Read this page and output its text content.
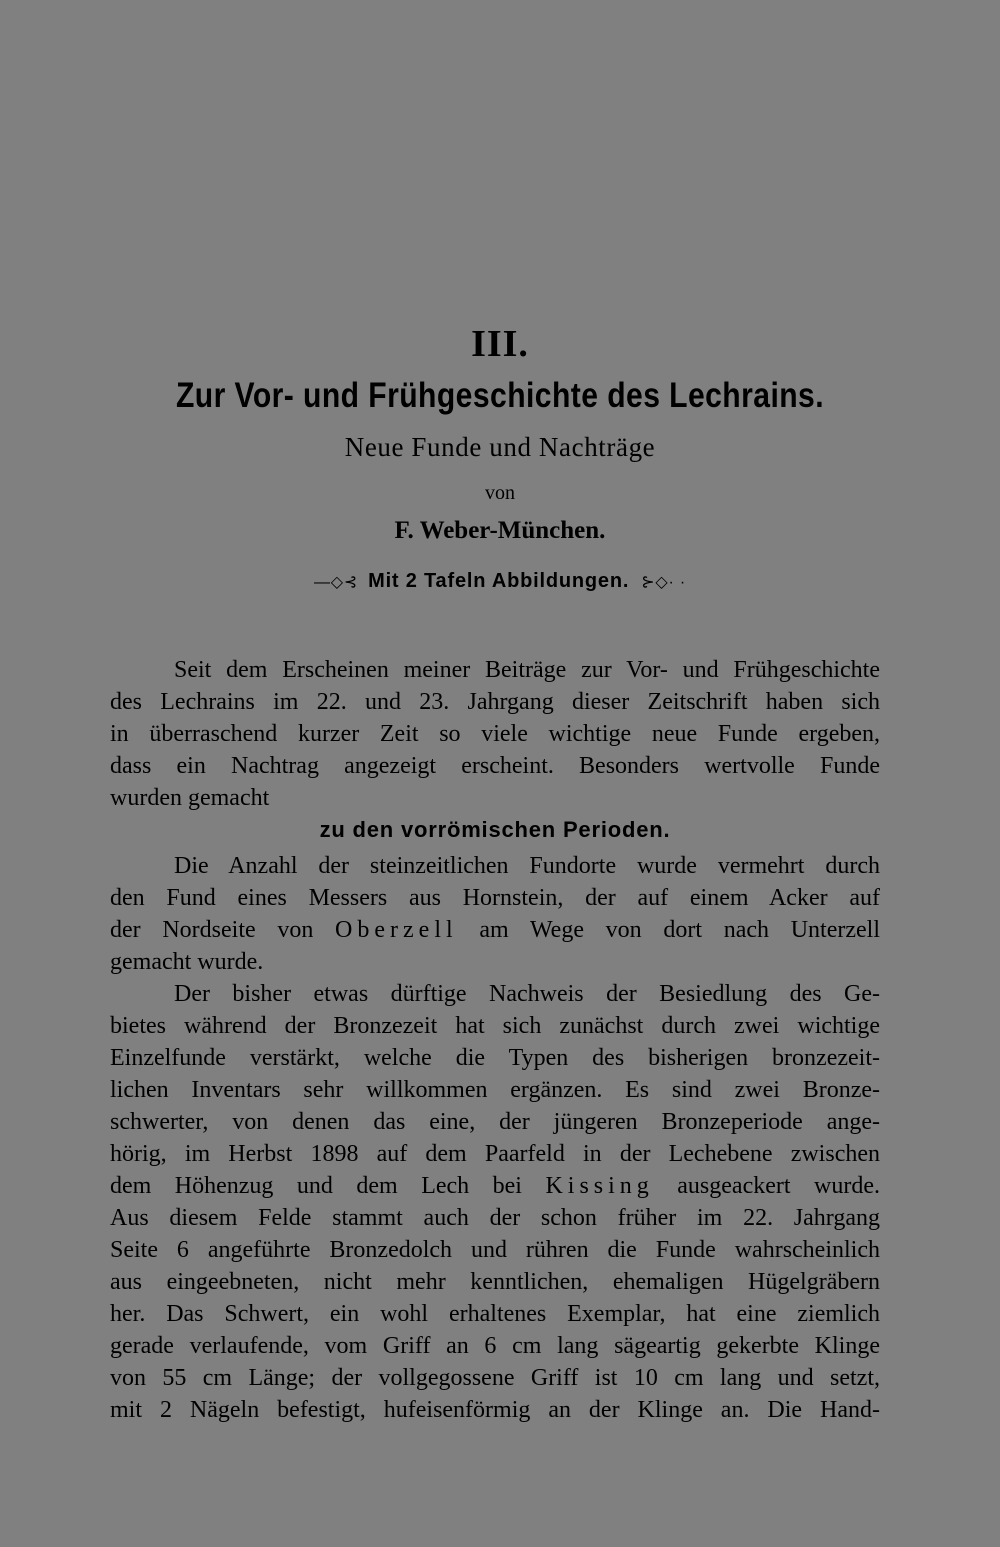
III.
Zur Vor- und Frühgeschichte des Lechrains.
Neue Funde und Nachträge
von
F. Weber-München.
—◇⊰ Mit 2 Tafeln Abbildungen. ⊱◇· ·
Seit dem Erscheinen meiner Beiträge zur Vor- und Frühgeschichte
des Lechrains im 22. und 23. Jahrgang dieser Zeitschrift haben sich
in überraschend kurzer Zeit so viele wichtige neue Funde ergeben,
dass ein Nachtrag angezeigt erscheint. Besonders wertvolle Funde
wurden gemacht
zu den vorrömischen Perioden.
Die Anzahl der steinzeitlichen Fundorte wurde vermehrt durch
den Fund eines Messers aus Hornstein, der auf einem Acker auf
der Nordseite von Oberzell am Wege von dort nach Unterzell
gemacht wurde.
Der bisher etwas dürftige Nachweis der Besiedlung des Ge-
bietes während der Bronzezeit hat sich zunächst durch zwei wichtige
Einzelfunde verstärkt, welche die Typen des bisherigen bronzezeit-
lichen Inventars sehr willkommen ergänzen. Es sind zwei Bronze-
schwerter, von denen das eine, der jüngeren Bronzeperiode ange-
hörig, im Herbst 1898 auf dem Paarfeld in der Lechebene zwischen
dem Höhenzug und dem Lech bei Kissing ausgeackert wurde.
Aus diesem Felde stammt auch der schon früher im 22. Jahrgang
Seite 6 angeführte Bronzedolch und rühren die Funde wahrscheinlich
aus eingeebneten, nicht mehr kenntlichen, ehemaligen Hügelgräbern
her. Das Schwert, ein wohl erhaltenes Exemplar, hat eine ziemlich
gerade verlaufende, vom Griff an 6 cm lang sägeartig gekerbte Klinge
von 55 cm Länge; der vollgegossene Griff ist 10 cm lang und setzt,
mit 2 Nägeln befestigt, hufeisenförmig an der Klinge an. Die Hand-
